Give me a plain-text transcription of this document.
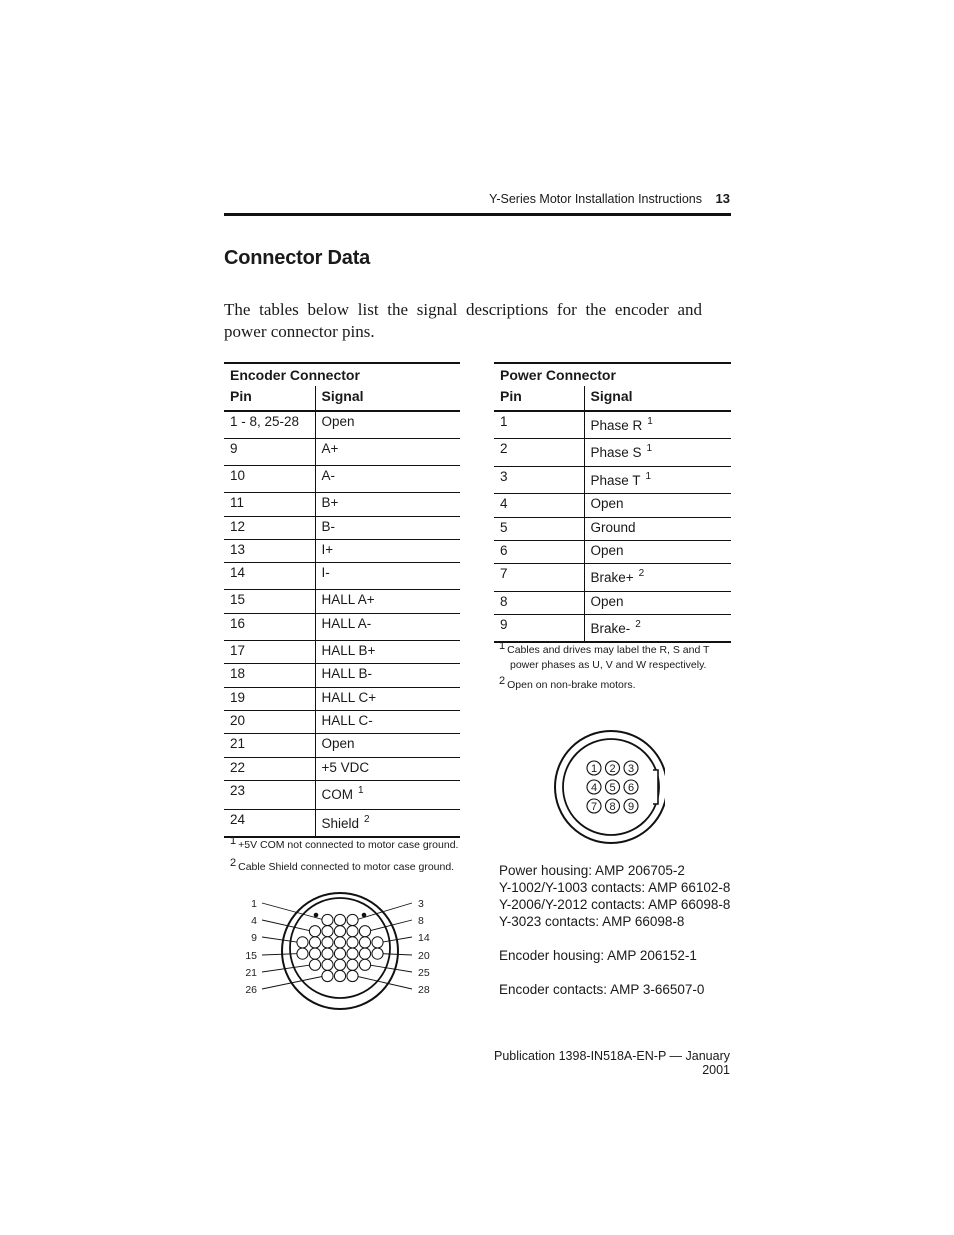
Y-Series Motor Installation Instructions 13
Connector Data
The tables below list the signal descriptions for the encoder and power connector pins.
Encoder Connector	
Pin	Signal
1 - 8, 25-28	Open
9	A+
10	A-
11	B+
12	B-
13	I+
14	I-
15	HALL A+
16	HALL A-
17	HALL B+
18	HALL B-
19	HALL C+
20	HALL C-
21	Open
22	+5 VDC
23	COM $^1$
24	Shield $^2$
1 +5V COM not connected to motor case ground.
2 Cable Shield connected to motor case ground.
Power Connector	
Pin	Signal
1	Phase R $^1$
2	Phase S $^1$
3	Phase T $^1$
4	Open
5	Ground
6	Open
7	Brake+ $^2$
8	Open
9	Brake- $^2$
1 Cables and drives may label the R, S and T
power phases as U, V and W respectively.
2 Open on non-brake motors.
1 2 3
4 5 6
7 8 9
1
4
9
15
21
26
3
8
14
20
25
28
Power housing: AMP 206705-2
Y-1002/Y-1003 contacts: AMP 66102-8
Y-2006/Y-2012 contacts: AMP 66098-8
Y-3023 contacts: AMP 66098-8
Encoder housing: AMP 206152-1
Encoder contacts: AMP 3-66507-0
Publication 1398-IN518A-EN-P — January 2001
